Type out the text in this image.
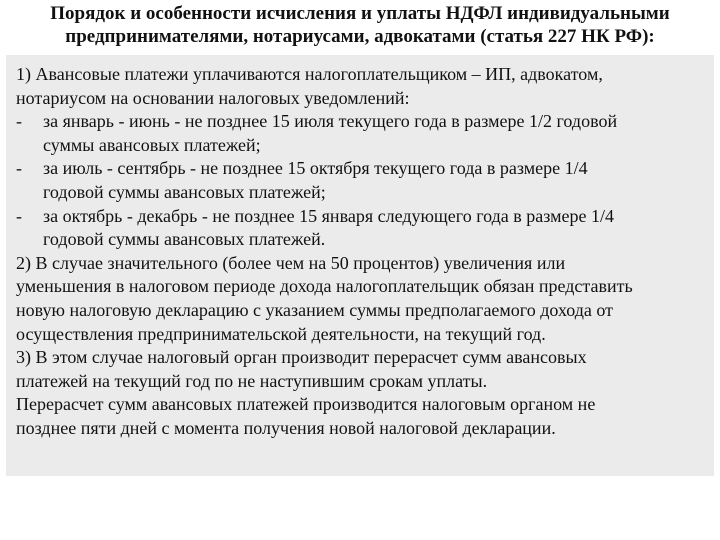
Порядок и особенности исчисления и уплаты НДФЛ индивидуальными
предпринимателями, нотариусами, адвокатами (статья 227 НК РФ):
1) Авансовые платежи уплачиваются налогоплательщиком – ИП, адвокатом,
нотариусом на основании налоговых уведомлений:
- за январь - июнь - не позднее 15 июля текущего года в размере 1/2 годовой
суммы авансовых платежей;
- за июль - сентябрь - не позднее 15 октября текущего года в размере 1/4
годовой суммы авансовых платежей;
- за октябрь - декабрь - не позднее 15 января следующего года в размере 1/4
годовой суммы авансовых платежей.
2) В случае значительного (более чем на 50 процентов) увеличения или
уменьшения в налоговом периоде дохода налогоплательщик обязан представить
новую налоговую декларацию с указанием суммы предполагаемого дохода от
осуществления предпринимательской деятельности, на текущий год.
3) В этом случае налоговый орган производит перерасчет сумм авансовых
платежей на текущий год по не наступившим срокам уплаты.
Перерасчет сумм авансовых платежей производится налоговым органом не
позднее пяти дней с момента получения новой налоговой декларации.
